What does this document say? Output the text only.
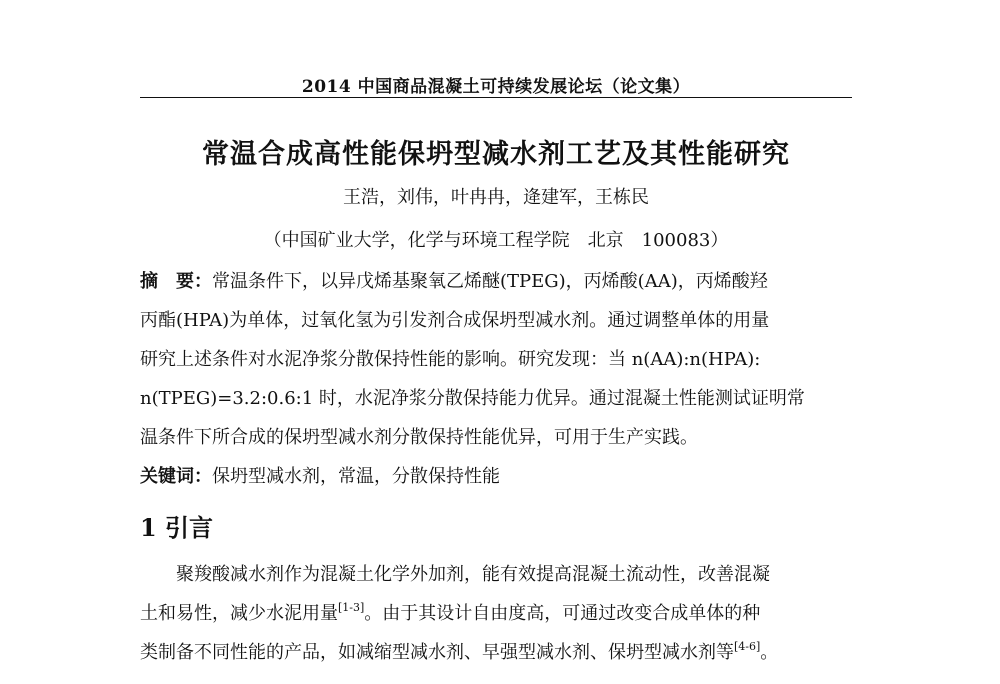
2014 中国商品混凝土可持续发展论坛（论文集）
常温合成高性能保坍型减水剂工艺及其性能研究
王浩，刘伟，叶冉冉，逄建军，王栋民
（中国矿业大学，化学与环境工程学院　北京　100083）
摘　要：常温条件下，以异戊烯基聚氧乙烯醚(TPEG)，丙烯酸(AA)，丙烯酸羟
丙酯(HPA)为单体，过氧化氢为引发剂合成保坍型减水剂。通过调整单体的用量
研究上述条件对水泥净浆分散保持性能的影响。研究发现：当 n(AA):n(HPA):
n(TPEG)=3.2:0.6:1 时，水泥净浆分散保持能力优异。通过混凝土性能测试证明常
温条件下所合成的保坍型减水剂分散保持性能优异，可用于生产实践。
关键词：保坍型减水剂，常温，分散保持性能
1 引言
聚羧酸减水剂作为混凝土化学外加剂，能有效提高混凝土流动性，改善混凝
土和易性，减少水泥用量[1-3]。由于其设计自由度高，可通过改变合成单体的种
类制备不同性能的产品，如减缩型减水剂、早强型减水剂、保坍型减水剂等[4-6]。
